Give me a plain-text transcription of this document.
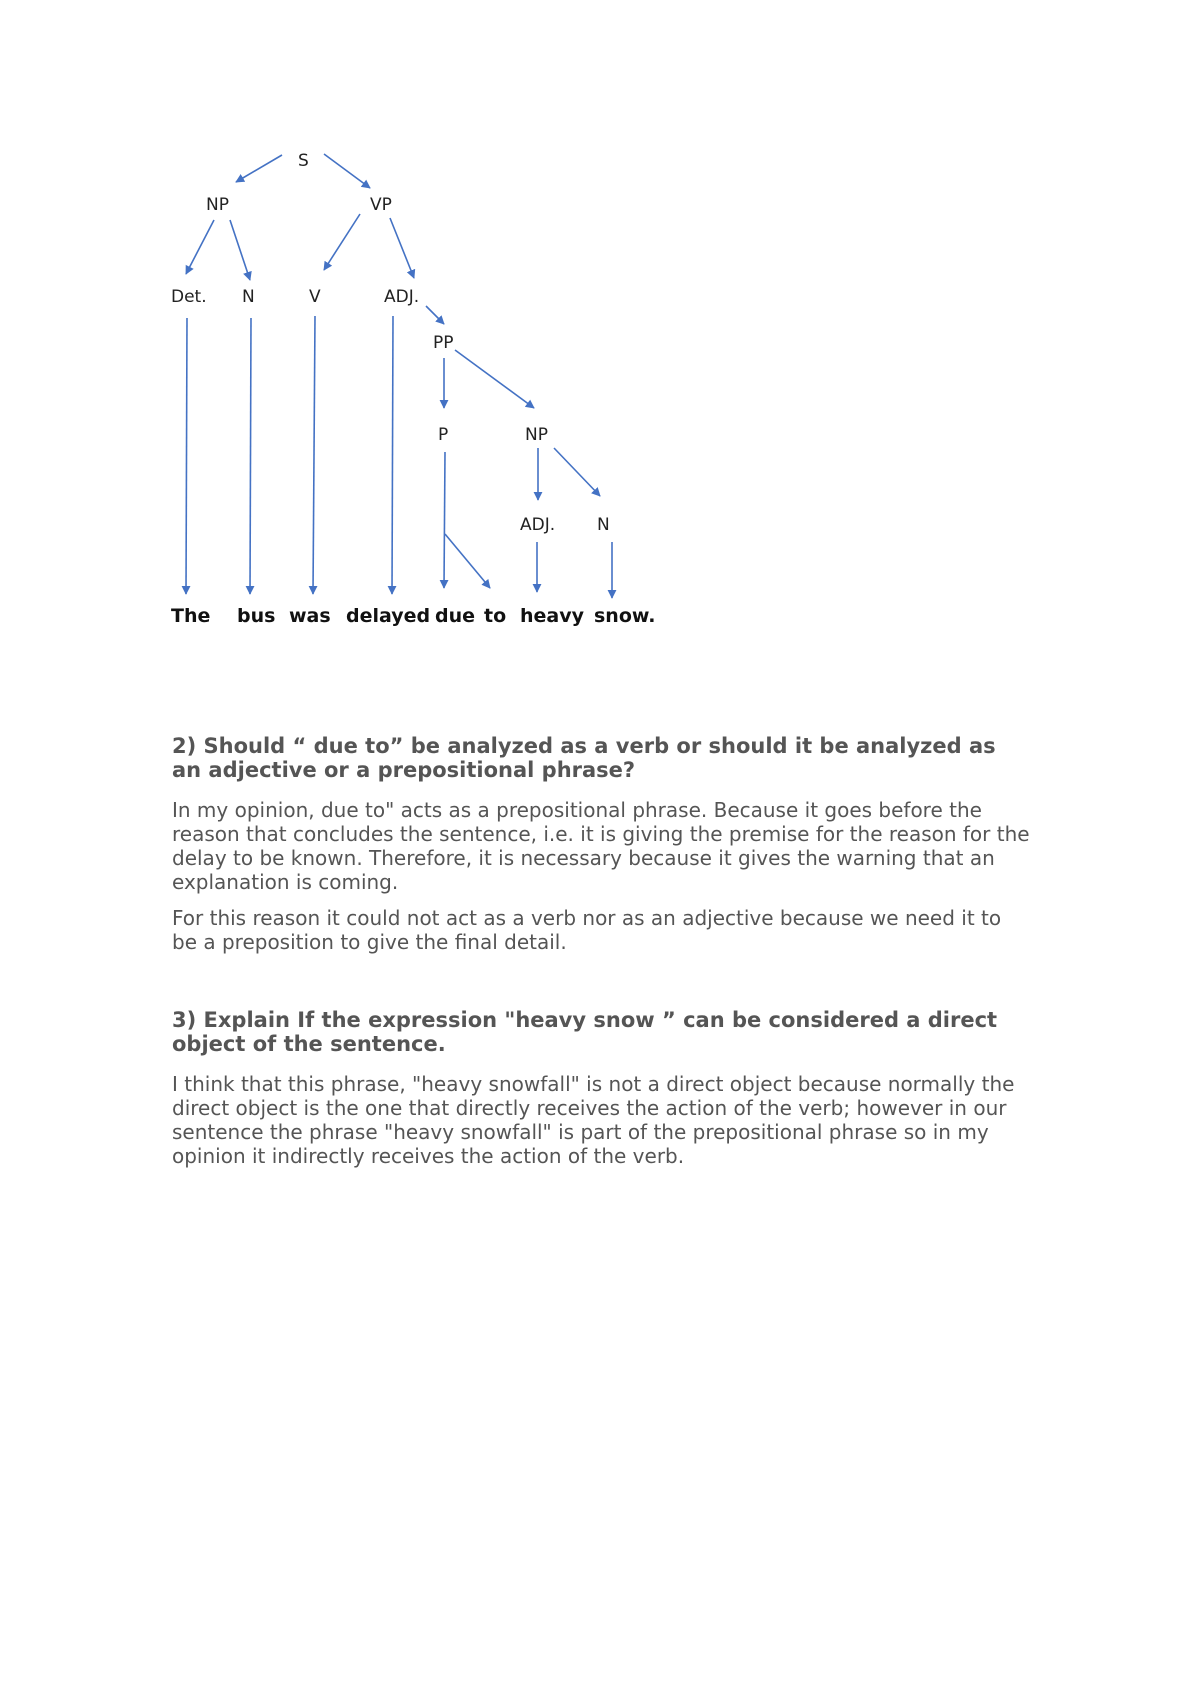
S
NP	VP
Det. N	V	ADJ.
PP
P	NP
ADJ. N
The bus was delayed due to heavy snow.
2) Should “ due to” be analyzed as a verb or should it be analyzed as an adjective or a prepositional phrase?

In my opinion, due to" acts as a prepositional phrase. Because it goes before the reason that concludes the sentence, i.e. it is giving the premise for the reason for the delay to be known. Therefore, it is necessary because it gives the warning that an explanation is coming.

For this reason it could not act as a verb nor as an adjective because we need it to be a preposition to give the final detail.

3) Explain If the expression "heavy snow ” can be considered a direct object of the sentence.

I think that this phrase, "heavy snowfall" is not a direct object because normally the direct object is the one that directly receives the action of the verb; however in our sentence the phrase "heavy snowfall" is part of the prepositional phrase so in my opinion it indirectly receives the action of the verb.
